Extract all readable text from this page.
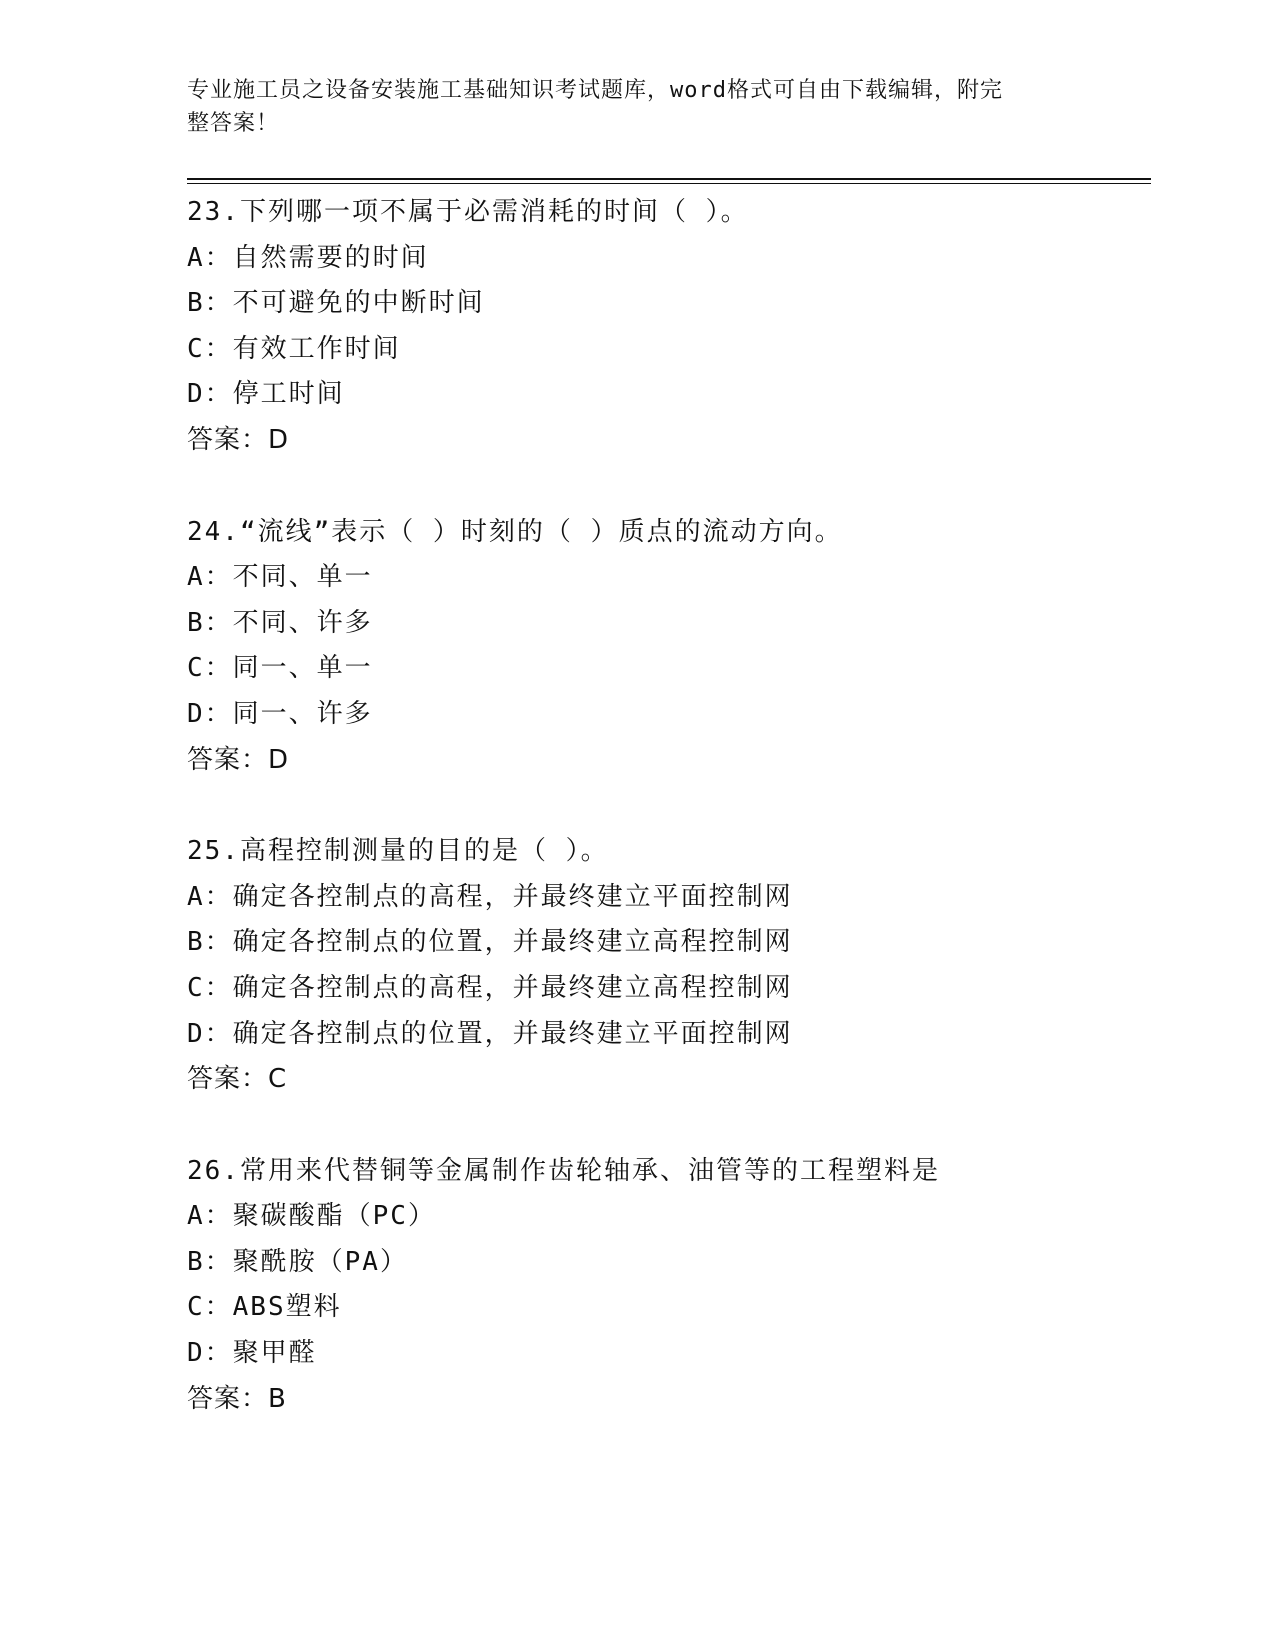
专业施工员之设备安装施工基础知识考试题库，word格式可自由下载编辑，附完
整答案！
23.下列哪一项不属于必需消耗的时间（ ）。
A：自然需要的时间
B：不可避免的中断时间
C：有效工作时间
D：停工时间
答案：D
24.“流线”表示（ ）时刻的（ ）质点的流动方向。
A：不同、单一
B：不同、许多
C：同一、单一
D：同一、许多
答案：D
25.高程控制测量的目的是（ ）。
A：确定各控制点的高程，并最终建立平面控制网
B：确定各控制点的位置，并最终建立高程控制网
C：确定各控制点的高程，并最终建立高程控制网
D：确定各控制点的位置，并最终建立平面控制网
答案：C
26.常用来代替铜等金属制作齿轮轴承、油管等的工程塑料是
A：聚碳酸酯（PC）
B：聚酰胺（PA）
C：ABS塑料
D：聚甲醛
答案：B
